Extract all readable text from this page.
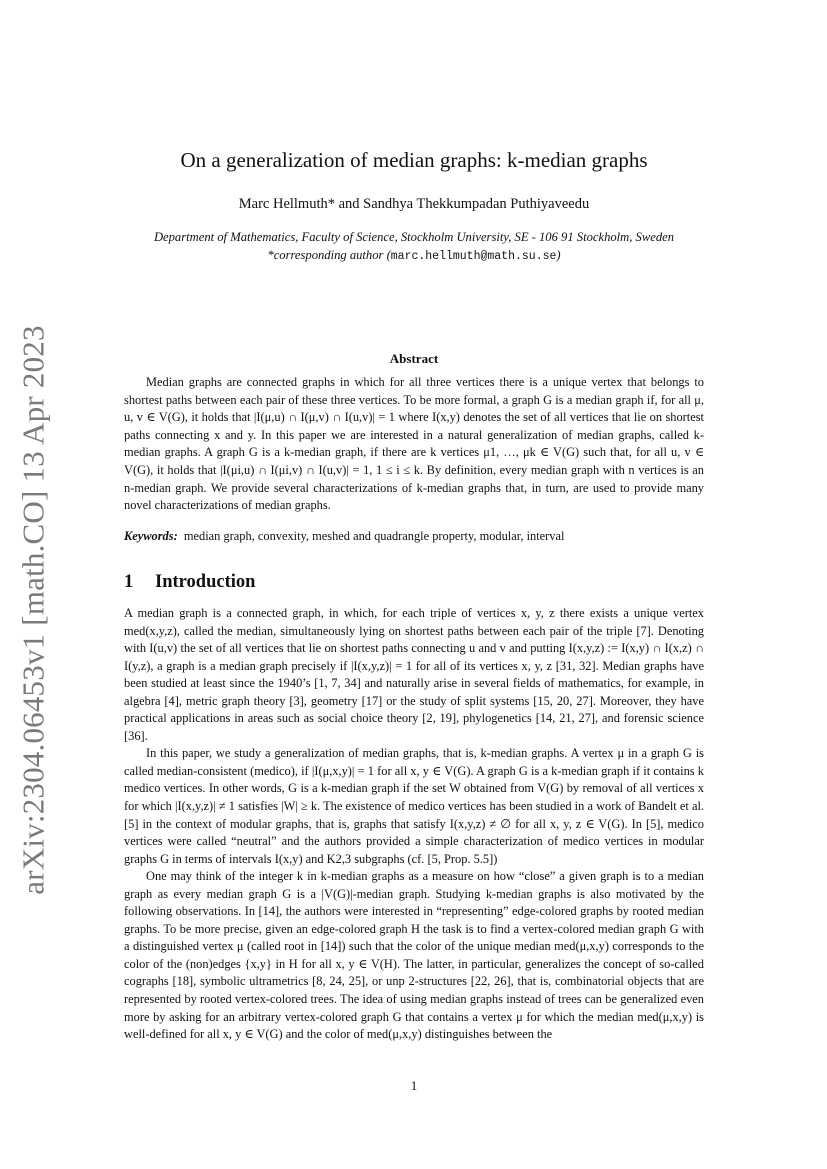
arXiv:2304.06453v1 [math.CO] 13 Apr 2023
On a generalization of median graphs: k-median graphs
Marc Hellmuth* and Sandhya Thekkumpadan Puthiyaveedu
Department of Mathematics, Faculty of Science, Stockholm University, SE - 106 91 Stockholm, Sweden
*corresponding author (marc.hellmuth@math.su.se)
Abstract

Median graphs are connected graphs in which for all three vertices there is a unique vertex that belongs to shortest paths between each pair of these three vertices. To be more formal, a graph G is a median graph if, for all μ, u, v ∈ V(G), it holds that |I(μ,u) ∩ I(μ,v) ∩ I(u,v)| = 1 where I(x,y) denotes the set of all vertices that lie on shortest paths connecting x and y. In this paper we are interested in a natural generalization of median graphs, called k-median graphs. A graph G is a k-median graph, if there are k vertices μ1, …, μk ∈ V(G) such that, for all u, v ∈ V(G), it holds that |I(μi,u) ∩ I(μi,v) ∩ I(u,v)| = 1, 1 ≤ i ≤ k. By definition, every median graph with n vertices is an n-median graph. We provide several characterizations of k-median graphs that, in turn, are used to provide many novel characterizations of median graphs.

Keywords: median graph, convexity, meshed and quadrangle property, modular, interval
1 Introduction

A median graph is a connected graph, in which, for each triple of vertices x, y, z there exists a unique vertex med(x,y,z), called the median, simultaneously lying on shortest paths between each pair of the triple [7]. Denoting with I(u,v) the set of all vertices that lie on shortest paths connecting u and v and putting I(x,y,z) := I(x,y) ∩ I(x,z) ∩ I(y,z), a graph is a median graph precisely if |I(x,y,z)| = 1 for all of its vertices x, y, z [31, 32]. Median graphs have been studied at least since the 1940’s [1, 7, 34] and naturally arise in several fields of mathematics, for example, in algebra [4], metric graph theory [3], geometry [17] or the study of split systems [15, 20, 27]. Moreover, they have practical applications in areas such as social choice theory [2, 19], phylogenetics [14, 21, 27], and forensic science [36].

In this paper, we study a generalization of median graphs, that is, k-median graphs. A vertex μ in a graph G is called median-consistent (medico), if |I(μ,x,y)| = 1 for all x, y ∈ V(G). A graph G is a k-median graph if it contains k medico vertices. In other words, G is a k-median graph if the set W obtained from V(G) by removal of all vertices x for which |I(x,y,z)| ≠ 1 satisfies |W| ≥ k. The existence of medico vertices has been studied in a work of Bandelt et al. [5] in the context of modular graphs, that is, graphs that satisfy I(x,y,z) ≠ ∅ for all x, y, z ∈ V(G). In [5], medico vertices were called “neutral” and the authors provided a simple characterization of medico vertices in modular graphs G in terms of intervals I(x,y) and K2,3 subgraphs (cf. [5, Prop. 5.5])

One may think of the integer k in k-median graphs as a measure on how “close” a given graph is to a median graph as every median graph G is a |V(G)|-median graph. Studying k-median graphs is also motivated by the following observations. In [14], the authors were interested in “representing” edge-colored graphs by rooted median graphs. To be more precise, given an edge-colored graph H the task is to find a vertex-colored median graph G with a distinguished vertex μ (called root in [14]) such that the color of the unique median med(μ,x,y) corresponds to the color of the (non)edges {x,y} in H for all x, y ∈ V(H). The latter, in particular, generalizes the concept of so-called cographs [18], symbolic ultrametrics [8, 24, 25], or unp 2-structures [22, 26], that is, combinatorial objects that are represented by rooted vertex-colored trees. The idea of using median graphs instead of trees can be generalized even more by asking for an arbitrary vertex-colored graph G that contains a vertex μ for which the median med(μ,x,y) is well-defined for all x, y ∈ V(G) and the color of med(μ,x,y) distinguishes between the

1
